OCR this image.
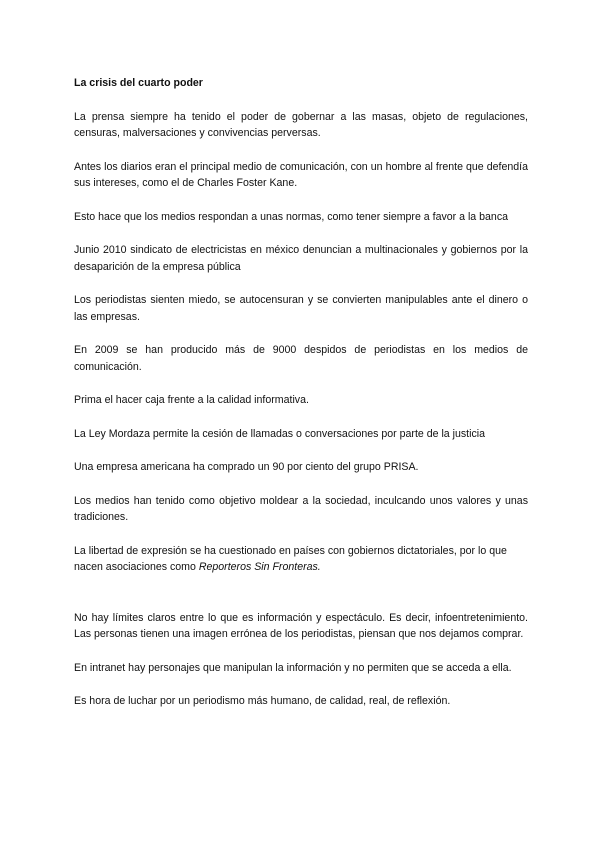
La crisis del cuarto poder

La prensa siempre ha tenido el poder de gobernar a las masas, objeto de regulaciones, censuras, malversaciones y convivencias perversas.

Antes los diarios eran el principal medio de comunicación, con un hombre al frente que defendía sus intereses, como el de Charles Foster Kane.

Esto hace que los medios respondan a unas normas, como tener siempre a favor a la banca

Junio 2010 sindicato de electricistas en méxico denuncian a multinacionales y gobiernos por la desaparición de la empresa pública

Los periodistas sienten miedo, se autocensuran y se convierten manipulables ante el dinero o las empresas.

En 2009 se han producido más de 9000 despidos de periodistas en los medios de comunicación.

Prima el hacer caja frente a la calidad informativa.

La Ley Mordaza permite la cesión de llamadas o conversaciones por parte de la justicia

Una empresa americana ha comprado un 90 por ciento del grupo PRISA.

Los medios han tenido como objetivo moldear a la sociedad, inculcando unos valores y unas tradiciones.

La libertad de expresión se ha cuestionado en países con gobiernos dictatoriales, por lo que nacen asociaciones como Reporteros Sin Fronteras.

No hay límites claros entre lo que es información y espectáculo. Es decir, infoentretenimiento. Las personas tienen una imagen errónea de los periodistas, piensan que nos dejamos comprar.

En intranet hay personajes que manipulan la información y no permiten que se acceda a ella.

Es hora de luchar por un periodismo más humano, de calidad, real, de reflexión.
